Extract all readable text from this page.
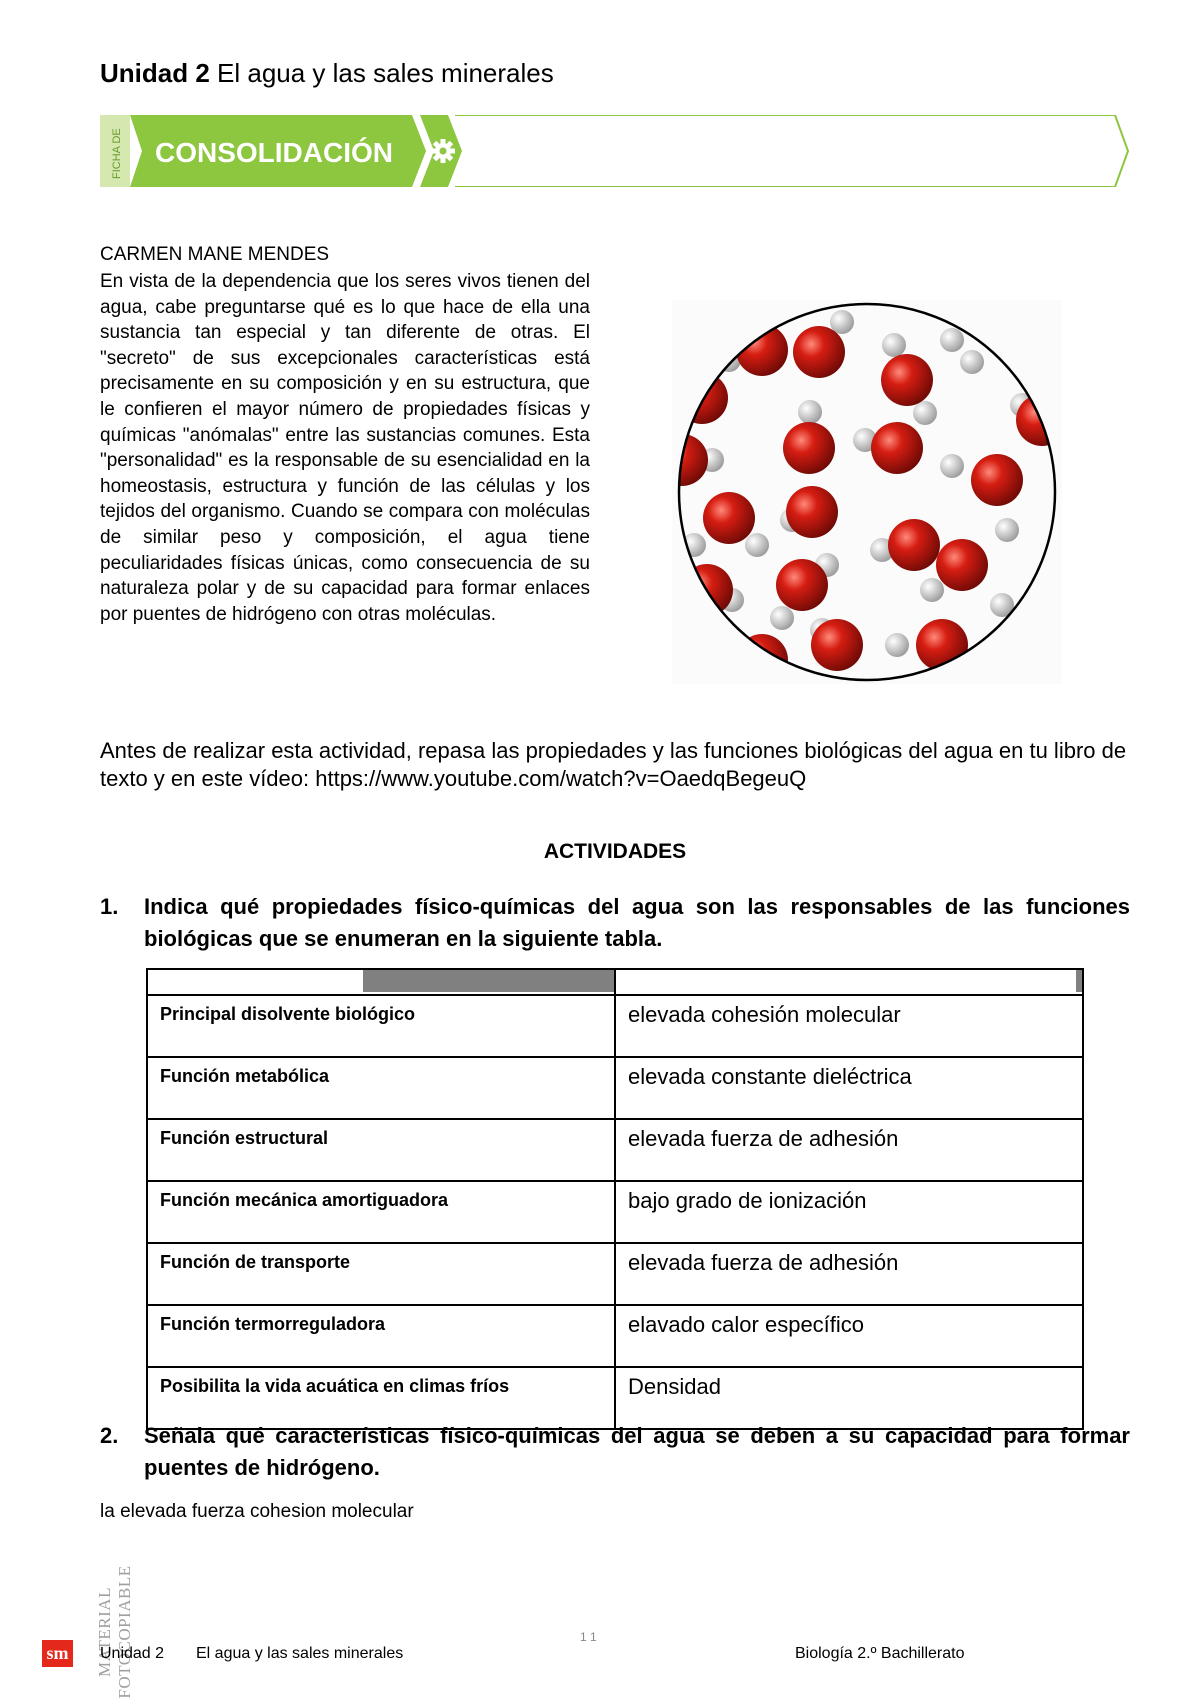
Unidad 2 El agua y las sales minerales
FICHA DE CONSOLIDACIÓN
CARMEN MANE MENDES
En vista de la dependencia que los seres vivos tienen del agua, cabe preguntarse qué es lo que hace de ella una sustancia tan especial y tan diferente de otras. El "secreto" de sus excepcionales características está precisamente en su composición y en su estructura, que le confieren el mayor número de propiedades físicas y químicas "anómalas" entre las sustancias comunes. Esta "personalidad" es la responsable de su esencialidad en la homeostasis, estructura y función de las células y los tejidos del organismo. Cuando se compara con moléculas de similar peso y composición, el agua tiene peculiaridades físicas únicas, como consecuencia de su naturaleza polar y de su capacidad para formar enlaces por puentes de hidrógeno con otras moléculas.
Antes de realizar esta actividad, repasa las propiedades y las funciones biológicas del agua en tu libro de texto y en este vídeo: https://www.youtube.com/watch?v=OaedqBegeuQ
ACTIVIDADES
1. Indica qué propiedades físico-químicas del agua son las responsables de las funciones biológicas que se enumeran en la siguiente tabla.

Principal disolvente biológico	elevada cohesión molecular
Función metabólica	elevada constante dieléctrica
Función estructural	elevada fuerza de adhesión
Función mecánica amortiguadora	bajo grado de ionización
Función de transporte	elevada fuerza de adhesión
Función termorreguladora	elavado calor específico
Posibilita la vida acuática en climas fríos	Densidad
2. Señala qué características físico-químicas del agua se deben a su capacidad para formar puentes de hidrógeno.
la elevada fuerza cohesion molecular
MATERIAL FOTOCOPIABLE
sm Unidad 2 El agua y las sales minerales
1 1
Biología 2.º Bachillerato
